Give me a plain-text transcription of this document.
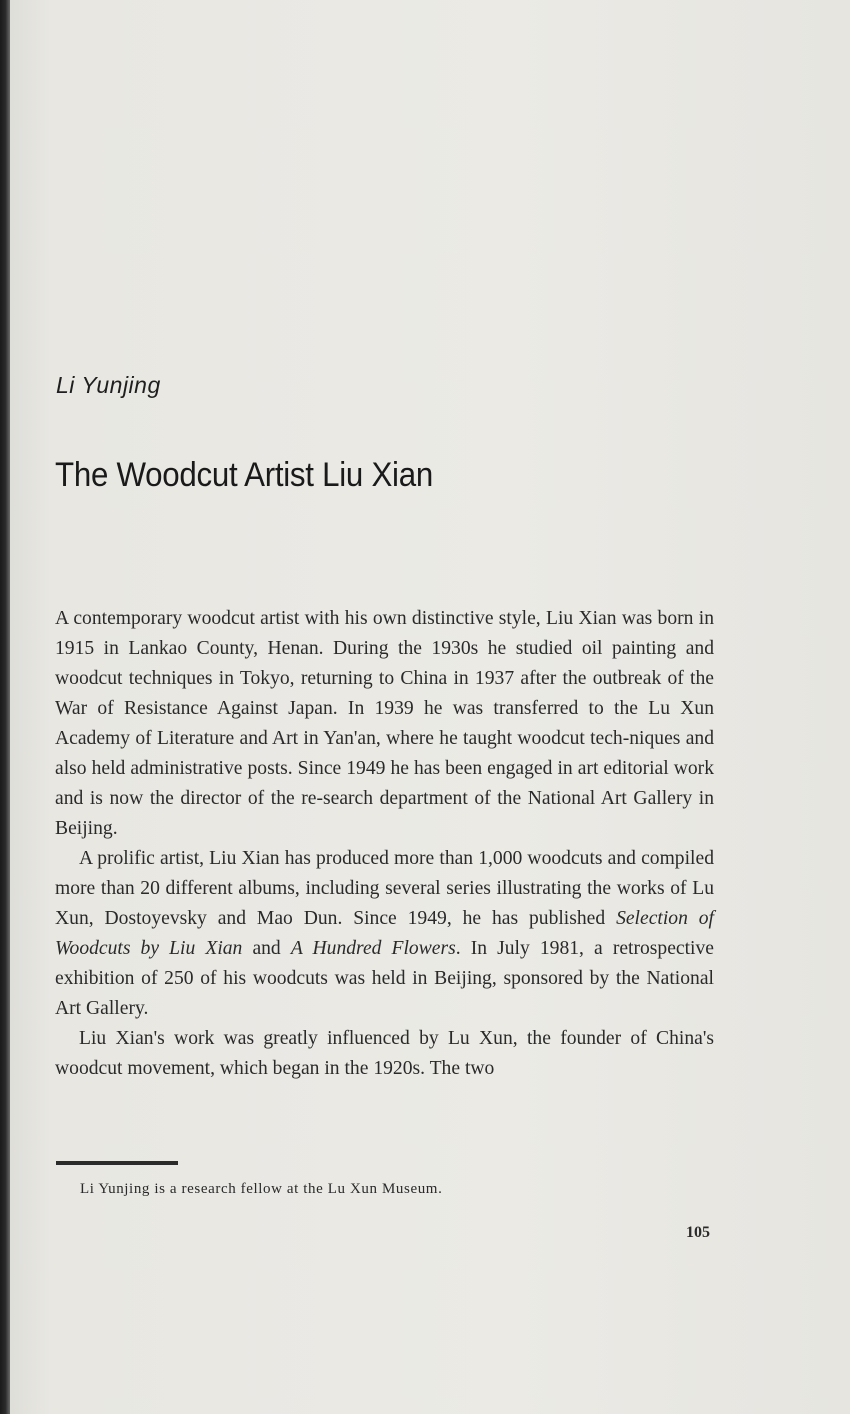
Li Yunjing
The Woodcut Artist Liu Xian

A contemporary woodcut artist with his own distinctive style, Liu Xian was born in 1915 in Lankao County, Henan. During the 1930s he studied oil painting and woodcut techniques in Tokyo, returning to China in 1937 after the outbreak of the War of Resistance Against Japan. In 1939 he was transferred to the Lu Xun Academy of Literature and Art in Yan'an, where he taught woodcut tech-niques and also held administrative posts. Since 1949 he has been engaged in art editorial work and is now the director of the re-search department of the National Art Gallery in Beijing.

A prolific artist, Liu Xian has produced more than 1,000 woodcuts and compiled more than 20 different albums, including several series illustrating the works of Lu Xun, Dostoyevsky and Mao Dun. Since 1949, he has published Selection of Woodcuts by Liu Xian and A Hundred Flowers. In July 1981, a retrospective exhibition of 250 of his woodcuts was held in Beijing, sponsored by the National Art Gallery.

Liu Xian's work was greatly influenced by Lu Xun, the founder of China's woodcut movement, which began in the 1920s. The two

Li Yunjing is a research fellow at the Lu Xun Museum.
105
